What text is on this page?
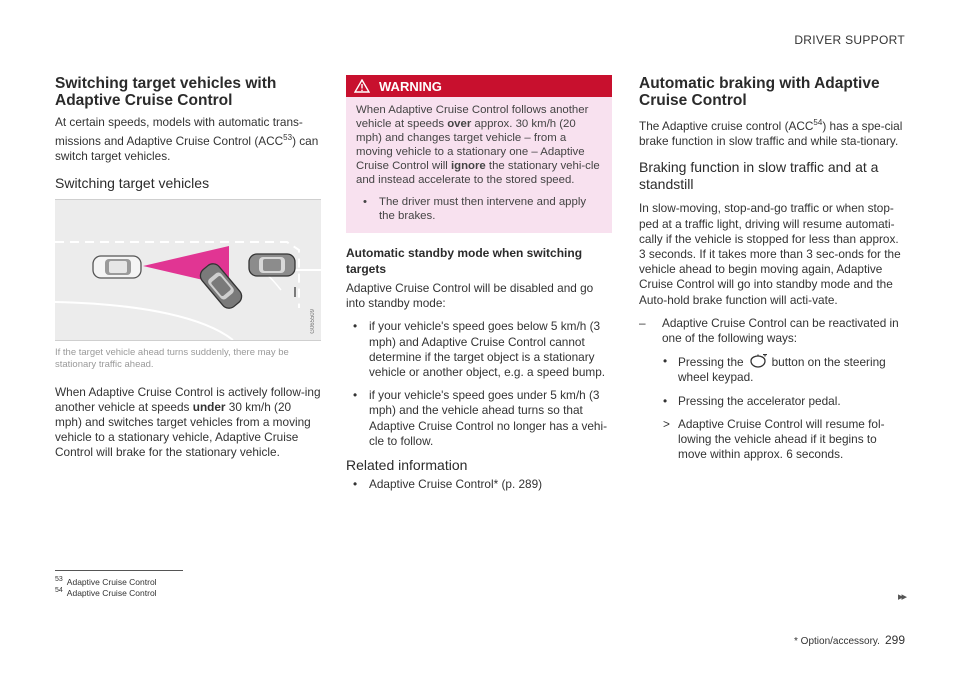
DRIVER SUPPORT
Switching target vehicles with Adaptive Cruise Control

At certain speeds, models with automatic trans-missions and Adaptive Cruise Control (ACC$^{53}$) can switch target vehicles.

Switching target vehicles
G065509
If the target vehicle ahead turns suddenly, there may be stationary traffic ahead.

When Adaptive Cruise Control is actively follow-ing another vehicle at speeds under 30 km/h (20 mph) and switches target vehicles from a moving vehicle to a stationary vehicle, Adaptive Cruise Control will brake for the stationary vehicle.

WARNING

When Adaptive Cruise Control follows another vehicle at speeds over approx. 30 km/h (20 mph) and changes target vehicle – from a moving vehicle to a stationary one – Adaptive Cruise Control will ignore the stationary vehi-cle and instead accelerate to the stored speed.

• The driver must then intervene and apply the brakes.
Automatic standby mode when switching targets

Adaptive Cruise Control will be disabled and go into standby mode:

• if your vehicle's speed goes below 5 km/h (3 mph) and Adaptive Cruise Control cannot determine if the target object is a stationary vehicle or another object, e.g. a speed bump.
• if your vehicle's speed goes under 5 km/h (3 mph) and the vehicle ahead turns so that Adaptive Cruise Control no longer has a vehi-cle to follow.
Related information
• Adaptive Cruise Control* (p. 289)
Automatic braking with Adaptive Cruise Control

The Adaptive cruise control (ACC$^{54}$) has a spe-cial brake function in slow traffic and while sta-tionary.

Braking function in slow traffic and at a standstill

In slow-moving, stop-and-go traffic or when stop-ped at a traffic light, driving will resume automati-cally if the vehicle is stopped for less than approx. 3 seconds. If it takes more than 3 sec-onds for the vehicle ahead to begin moving again, Adaptive Cruise Control will go into standby mode and the Auto-hold brake function will acti-vate.

–	Adaptive Cruise Control can be reactivated in one of the following ways:
• Pressing the button on the steering wheel keypad.
• Pressing the accelerator pedal.
> Adaptive Cruise Control will resume fol-lowing the vehicle ahead if it begins to move within approx. 6 seconds.
$^{53}$ Adaptive Cruise Control
$^{54}$ Adaptive Cruise Control	▸▸
* Option/accessory. 299
